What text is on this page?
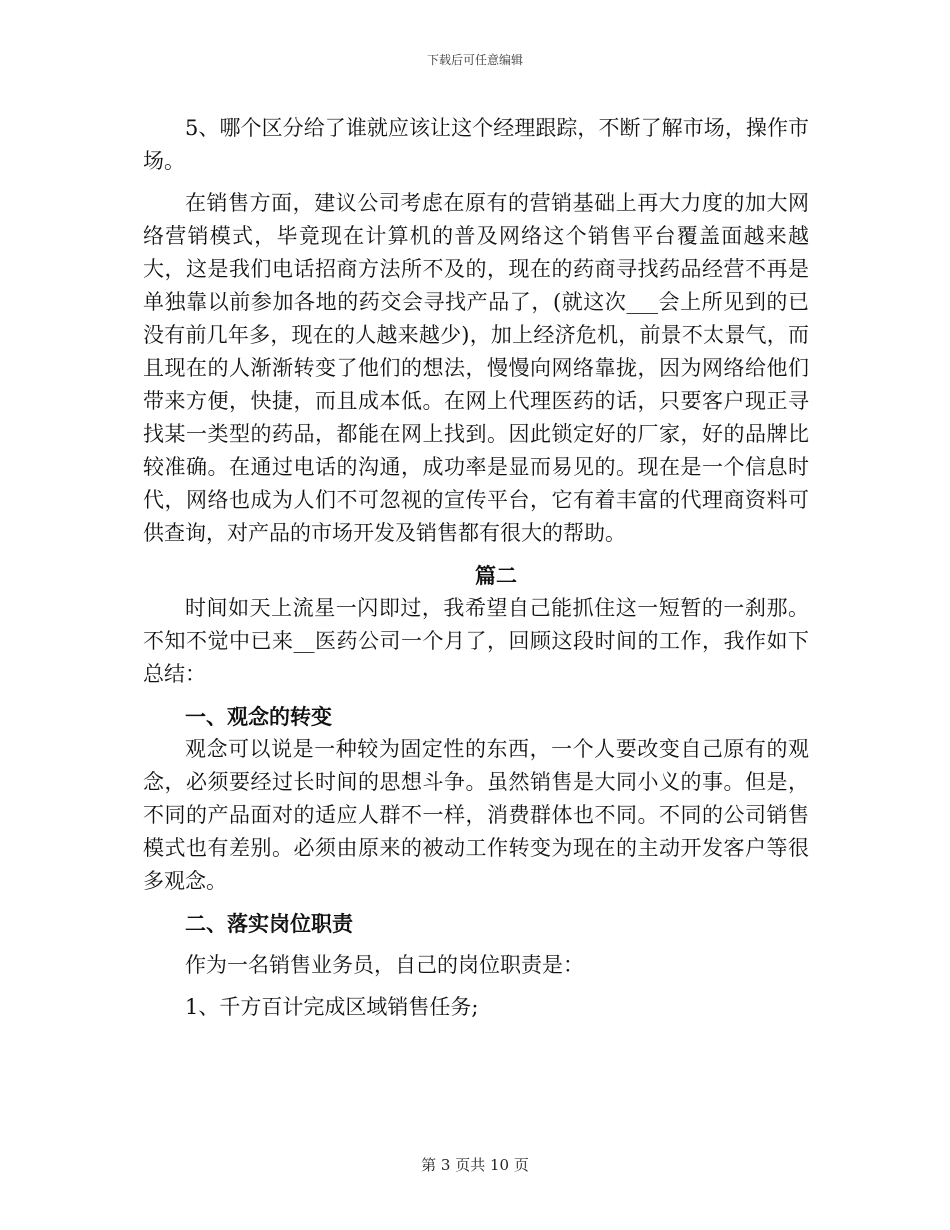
下载后可任意编辑

5、哪个区分给了谁就应该让这个经理跟踪，不断了解市场，操作市场。

在销售方面，建议公司考虑在原有的营销基础上再大力度的加大网络营销模式，毕竟现在计算机的普及网络这个销售平台覆盖面越来越大，这是我们电话招商方法所不及的，现在的药商寻找药品经营不再是单独靠以前参加各地的药交会寻找产品了，(就这次___会上所见到的已没有前几年多，现在的人越来越少)，加上经济危机，前景不太景气，而且现在的人渐渐转变了他们的想法，慢慢向网络靠拢，因为网络给他们带来方便，快捷，而且成本低。在网上代理医药的话，只要客户现正寻找某一类型的药品，都能在网上找到。因此锁定好的厂家，好的品牌比较准确。在通过电话的沟通，成功率是显而易见的。现在是一个信息时代，网络也成为人们不可忽视的宣传平台，它有着丰富的代理商资料可供查询，对产品的市场开发及销售都有很大的帮助。

篇二

时间如天上流星一闪即过，我希望自己能抓住这一短暂的一刹那。不知不觉中已来__医药公司一个月了，回顾这段时间的工作，我作如下总结：

一、观念的转变

观念可以说是一种较为固定性的东西，一个人要改变自己原有的观念，必须要经过长时间的思想斗争。虽然销售是大同小义的事。但是，不同的产品面对的适应人群不一样，消费群体也不同。不同的公司销售模式也有差别。必须由原来的被动工作转变为现在的主动开发客户等很多观念。

二、落实岗位职责

作为一名销售业务员，自己的岗位职责是：

1、千方百计完成区域销售任务;

第 3 页共 10 页
